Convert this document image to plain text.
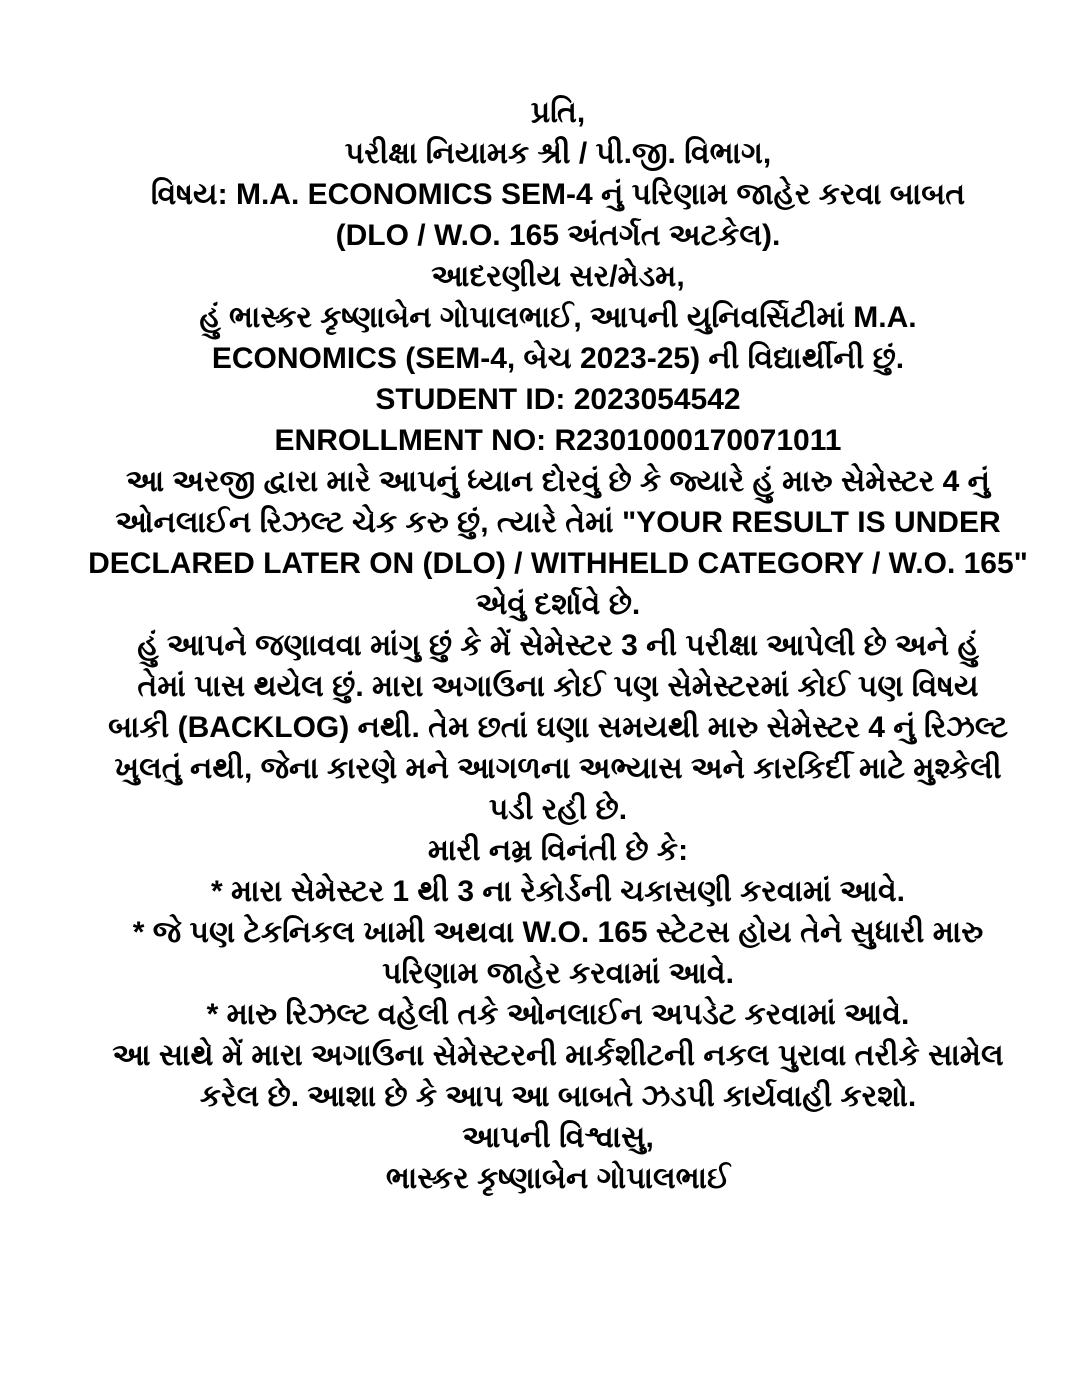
પ્રતિ,
પરીક્ષા નિયામક શ્રી / પી.જી. વિભાગ,
વિષય: M.A. ECONOMICS SEM-4 નું પરિણામ જાહેર કરવા બાબત
(DLO / W.O. 165 અંતર્ગત અટકેલ).
આદરણીય સર/મેડમ,
હું ભાસ્કર કૃષ્ણાબેન ગોપાલભાઈ, આપની યુનિવર્સિટીમાં M.A.
ECONOMICS (SEM-4, બેચ 2023-25) ની વિદ્યાર્થીની છું.
STUDENT ID: 2023054542
ENROLLMENT NO: R2301000170071011
આ અરજી દ્વારા મારે આપનું ધ્યાન દોરવું છે કે જ્યારે હું મારુ સેમેસ્ટર 4 નું
ઓનલાઈન રિઝલ્ટ ચેક કરુ છું, ત્યારે તેમાં "YOUR RESULT IS UNDER
DECLARED LATER ON (DLO) / WITHHELD CATEGORY / W.O. 165"
એવું દર્શાવે છે.
હું આપને જણાવવા માંગુ છું કે મેં સેમેસ્ટર 3 ની પરીક્ષા આપેલી છે અને હું
તેમાં પાસ થયેલ છું. મારા અગાઉના કોઈ પણ સેમેસ્ટરમાં કોઈ પણ વિષય
બાકી (BACKLOG) નથી. તેમ છતાં ઘણા સમયથી મારુ સેમેસ્ટર 4 નું રિઝલ્ટ
ખુલતું નથી, જેના કારણે મને આગળના અભ્યાસ અને કારકિર્દી માટે મુશ્કેલી
પડી રહી છે.
મારી નમ્ર વિનંતી છે કે:
* મારા સેમેસ્ટર 1 થી 3 ના રેકોર્ડની ચકાસણી કરવામાં આવે.
* જે પણ ટેકનિકલ ખામી અથવા W.O. 165 સ્ટેટસ હોય તેને સુધારી મારુ
પરિણામ જાહેર કરવામાં આવે.
* મારુ રિઝલ્ટ વહેલી તકે ઓનલાઈન અપડેટ કરવામાં આવે.
આ સાથે મેં મારા અગાઉના સેમેસ્ટરની માર્કશીટની નકલ પુરાવા તરીકે સામેલ
કરેલ છે. આશા છે કે આપ આ બાબતે ઝડપી કાર્યવાહી કરશો.
આપની વિશ્વાસુ,
ભાસ્કર કૃષ્ણાબેન ગોપાલભાઈ
